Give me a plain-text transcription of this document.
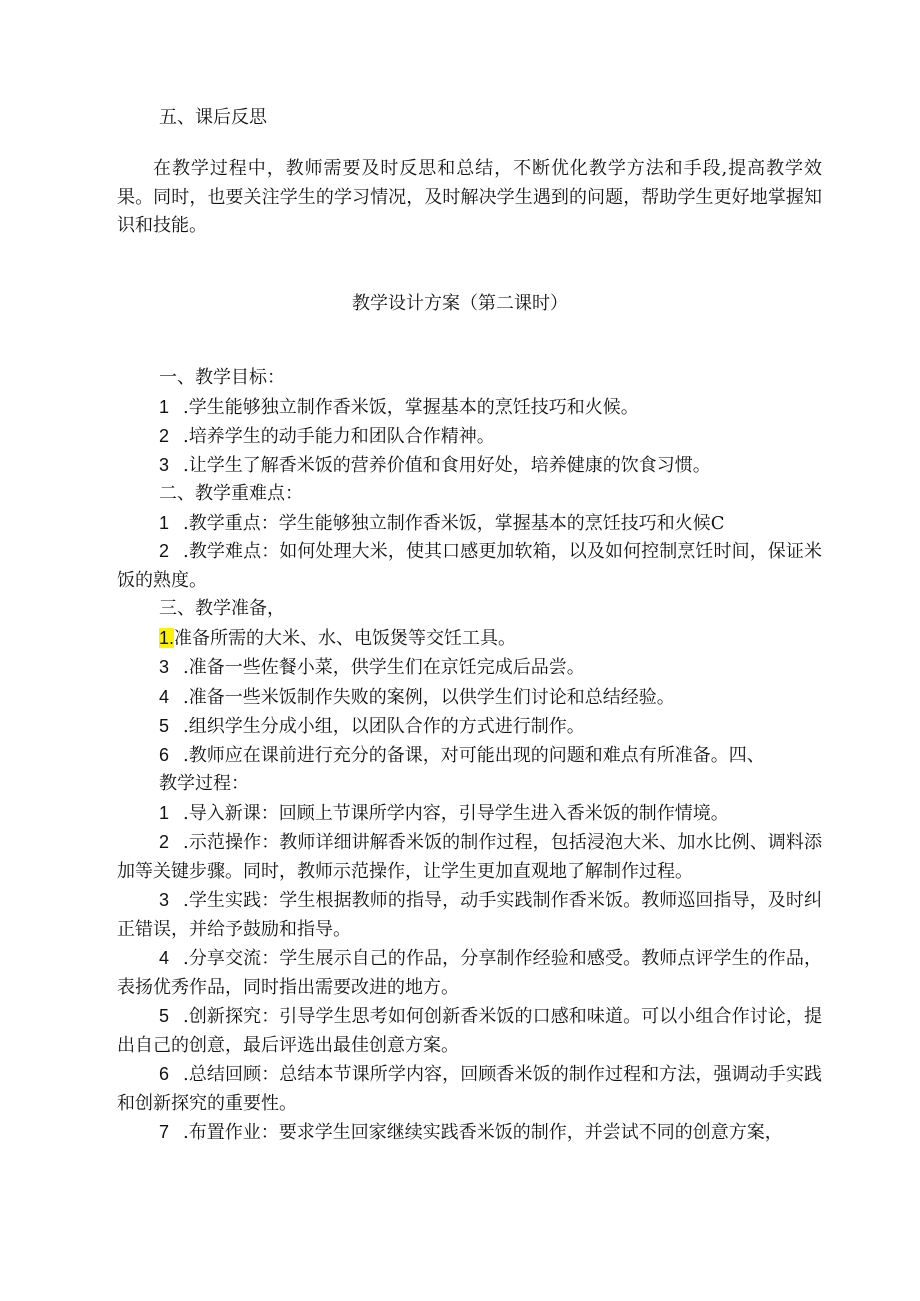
五、课后反思

在教学过程中，教师需要及时反思和总结，不断优化教学方法和手段,提高教学效果。同时，也要关注学生的学习情况，及时解决学生遇到的问题，帮助学生更好地掌握知识和技能。

教学设计方案（第二课时）
一、教学目标：
1 .学生能够独立制作香米饭，掌握基本的烹饪技巧和火候。
2 .培养学生的动手能力和团队合作精神。
3 .让学生了解香米饭的营养价值和食用好处，培养健康的饮食习惯。
二、教学重难点：
1 .教学重点：学生能够独立制作香米饭，掌握基本的烹饪技巧和火候C

2 .教学难点：如何处理大米，使其口感更加软箱，以及如何控制烹饪时间，保证米饭的熟度。

三、教学准备，
1.准备所需的大米、水、电饭煲等交饪工具。
3 .准备一些佐餐小菜，供学生们在京饪完成后品尝。
4 .准备一些米饭制作失败的案例，以供学生们讨论和总结经验。
5 .组织学生分成小组，以团队合作的方式进行制作。
6 .教师应在课前进行充分的备课，对可能出现的问题和难点有所准备。四、
教学过程：
1 .导入新课：回顾上节课所学内容，引导学生进入香米饭的制作情境。

2 .示范操作：教师详细讲解香米饭的制作过程，包括浸泡大米、加水比例、调料添加等关键步骤。同时，教师示范操作，让学生更加直观地了解制作过程。

3 .学生实践：学生根据教师的指导，动手实践制作香米饭。教师巡回指导，及时纠正错误，并给予鼓励和指导。

4 .分享交流：学生展示自己的作品，分享制作经验和感受。教师点评学生的作品，表扬优秀作品，同时指出需要改进的地方。

5 .创新探究：引导学生思考如何创新香米饭的口感和味道。可以小组合作讨论，提出自己的创意，最后评选出最佳创意方案。

6 .总结回顾：总结本节课所学内容，回顾香米饭的制作过程和方法，强调动手实践和创新探究的重要性。

7 .布置作业：要求学生回家继续实践香米饭的制作，并尝试不同的创意方案，
